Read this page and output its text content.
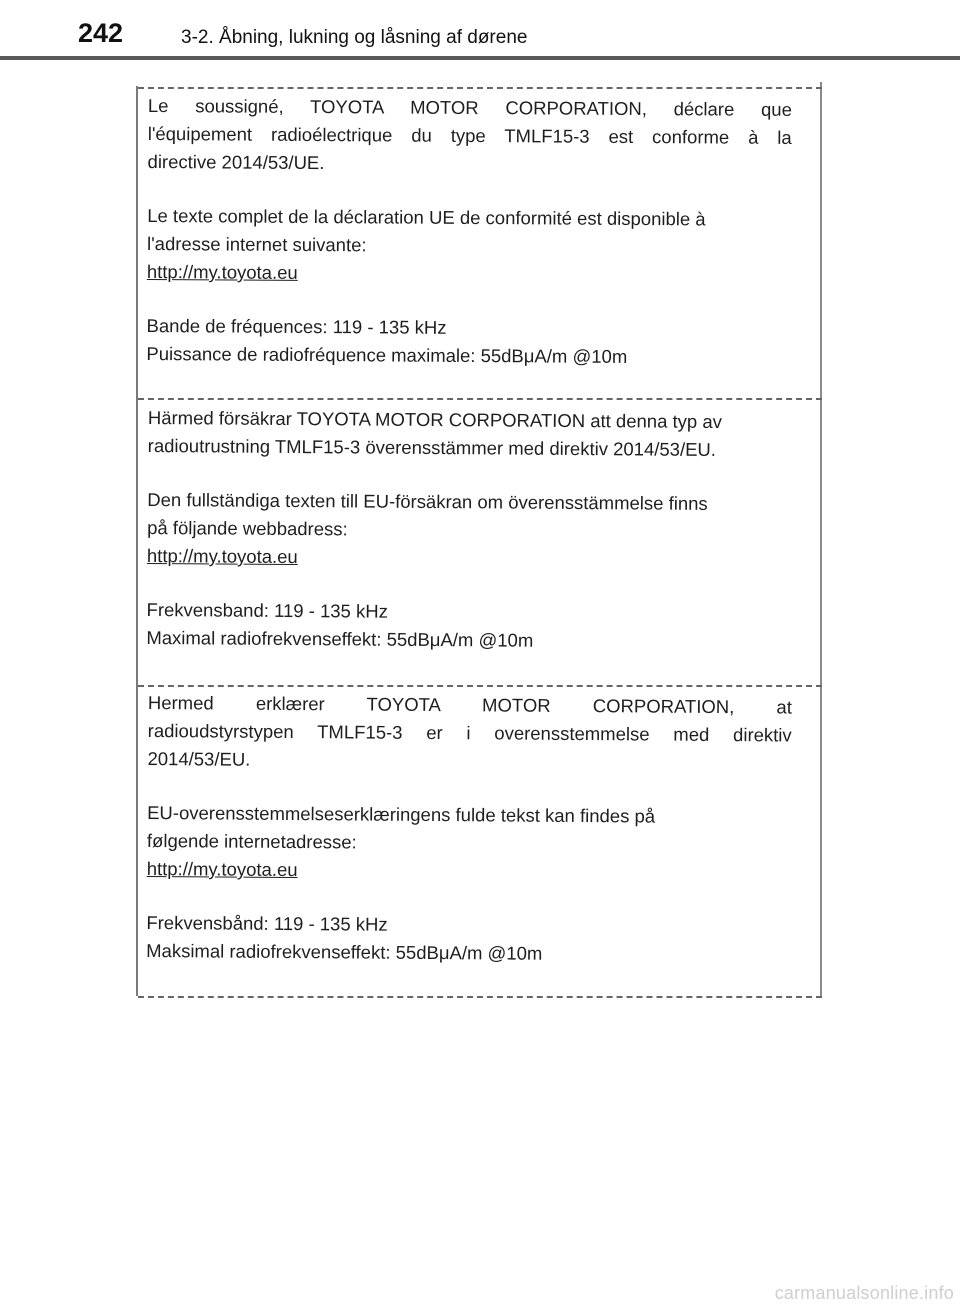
242	3-2. Åbning, lukning og låsning af dørene

Le soussigné, TOYOTA MOTOR CORPORATION, déclare que

l'équipement radioélectrique du type TMLF15-3 est conforme à la

directive 2014/53/UE.

Le texte complet de la déclaration UE de conformité est disponible à

l'adresse internet suivante:

http://my.toyota.eu

Bande de fréquences: 119 - 135 kHz

Puissance de radiofréquence maximale: 55dBμA/m @10m

Härmed försäkrar TOYOTA MOTOR CORPORATION att denna typ av

radioutrustning TMLF15-3 överensstämmer med direktiv 2014/53/EU.

Den fullständiga texten till EU-försäkran om överensstämmelse finns

på följande webbadress:

http://my.toyota.eu

Frekvensband: 119 - 135 kHz

Maximal radiofrekvenseffekt: 55dBμA/m @10m

Hermed erklærer TOYOTA MOTOR CORPORATION, at

radioudstyrstypen TMLF15-3 er i overensstemmelse med direktiv

2014/53/EU.

EU-overensstemmelseserklæringens fulde tekst kan findes på

følgende internetadresse:

http://my.toyota.eu

Frekvensbånd: 119 - 135 kHz

Maksimal radiofrekvenseffekt: 55dBμA/m @10m

carmanualsonline.info
